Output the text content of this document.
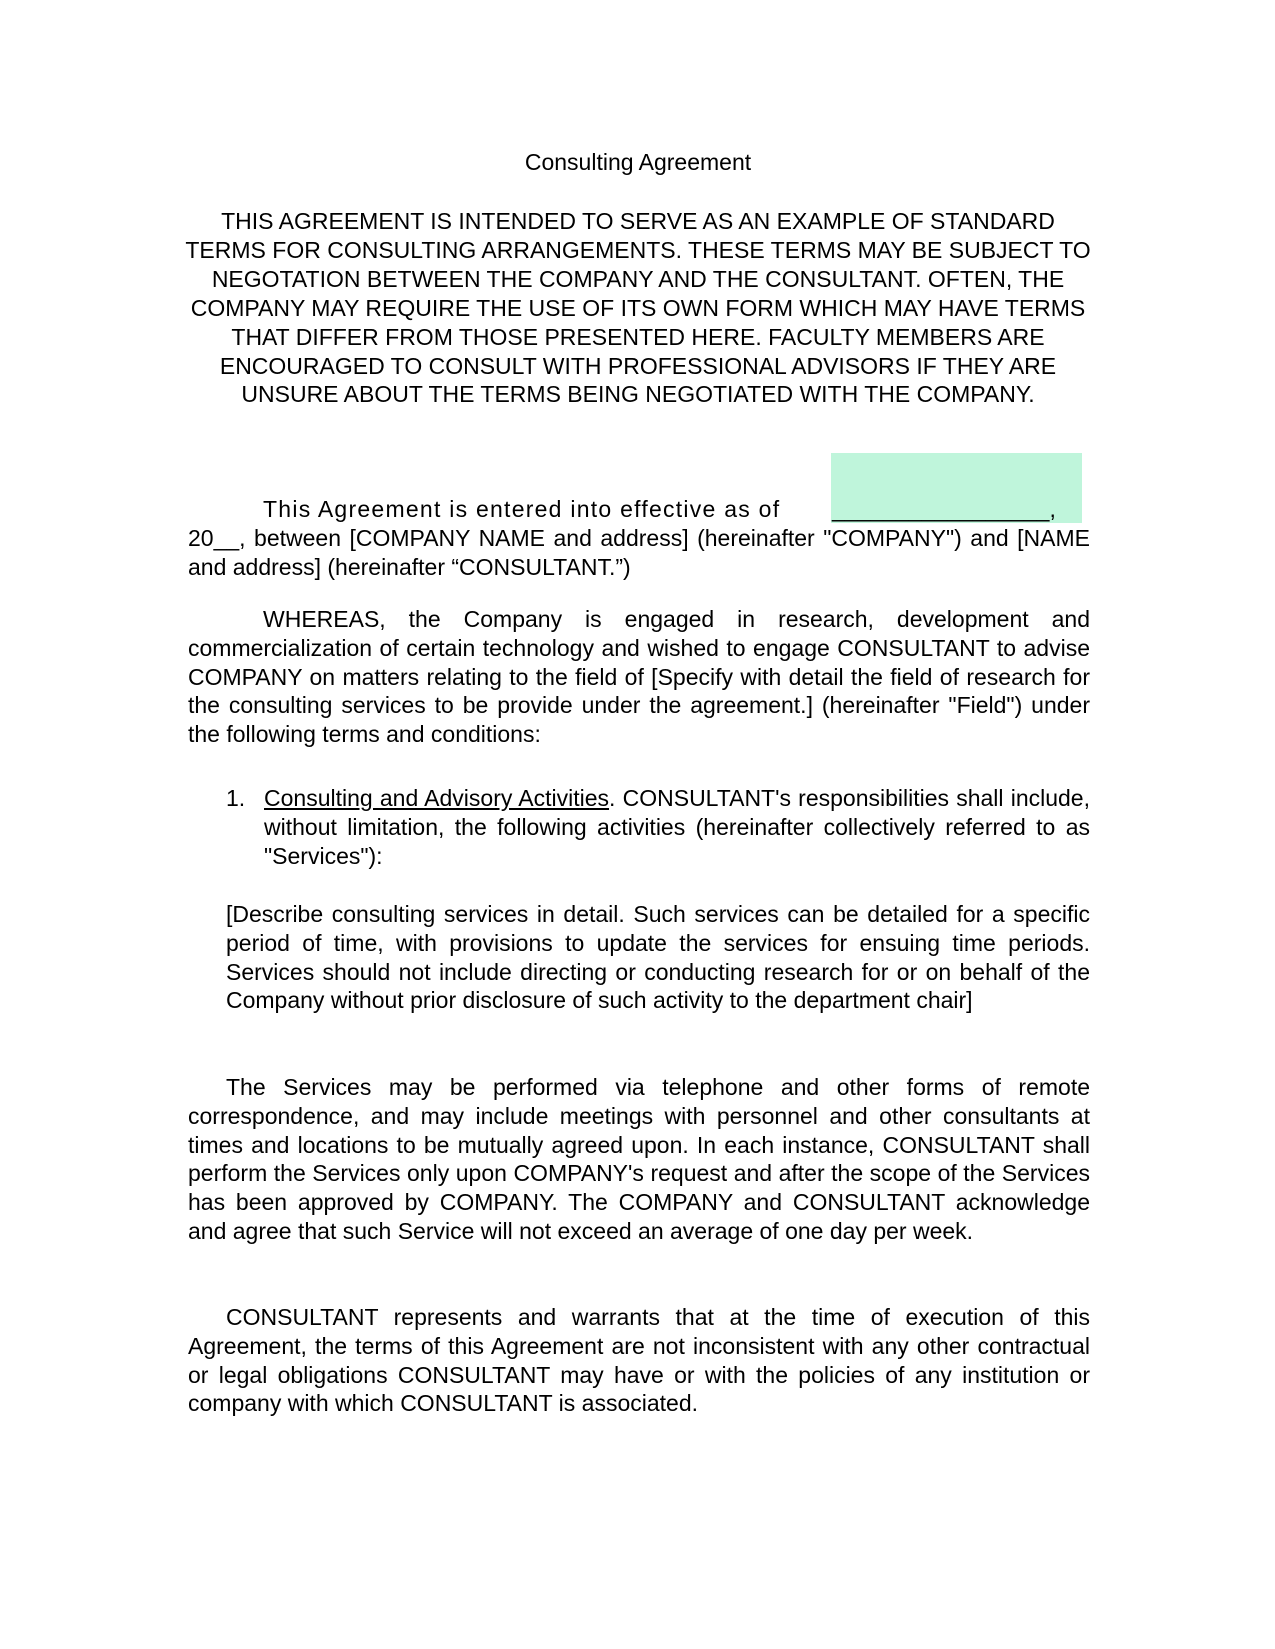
Consulting Agreement
THIS AGREEMENT IS INTENDED TO SERVE AS AN EXAMPLE OF STANDARD TERMS FOR CONSULTING ARRANGEMENTS. THESE TERMS MAY BE SUBJECT TO NEGOTATION BETWEEN THE COMPANY AND THE CONSULTANT. OFTEN, THE COMPANY MAY REQUIRE THE USE OF ITS OWN FORM WHICH MAY HAVE TERMS THAT DIFFER FROM THOSE PRESENTED HERE. FACULTY MEMBERS ARE ENCOURAGED TO CONSULT WITH PROFESSIONAL ADVISORS IF THEY ARE UNSURE ABOUT THE TERMS BEING NEGOTIATED WITH THE COMPANY.
This Agreement is entered into effective as of _________________,
20__, between [COMPANY NAME and address] (hereinafter "COMPANY") and [NAME and address] (hereinafter “CONSULTANT.”)
WHEREAS, the Company is engaged in research, development and commercialization of certain technology and wished to engage CONSULTANT to advise COMPANY on matters relating to the field of [Specify with detail the field of research for the consulting services to be provide under the agreement.] (hereinafter "Field") under the following terms and conditions:
1. Consulting and Advisory Activities. CONSULTANT's responsibilities shall include, without limitation, the following activities (hereinafter collectively referred to as "Services"):
[Describe consulting services in detail. Such services can be detailed for a specific period of time, with provisions to update the services for ensuing time periods. Services should not include directing or conducting research for or on behalf of the Company without prior disclosure of such activity to the department chair]
The Services may be performed via telephone and other forms of remote correspondence, and may include meetings with personnel and other consultants at times and locations to be mutually agreed upon. In each instance, CONSULTANT shall perform the Services only upon COMPANY's request and after the scope of the Services has been approved by COMPANY. The COMPANY and CONSULTANT acknowledge and agree that such Service will not exceed an average of one day per week.
CONSULTANT represents and warrants that at the time of execution of this Agreement, the terms of this Agreement are not inconsistent with any other contractual or legal obligations CONSULTANT may have or with the policies of any institution or company with which CONSULTANT is associated.
